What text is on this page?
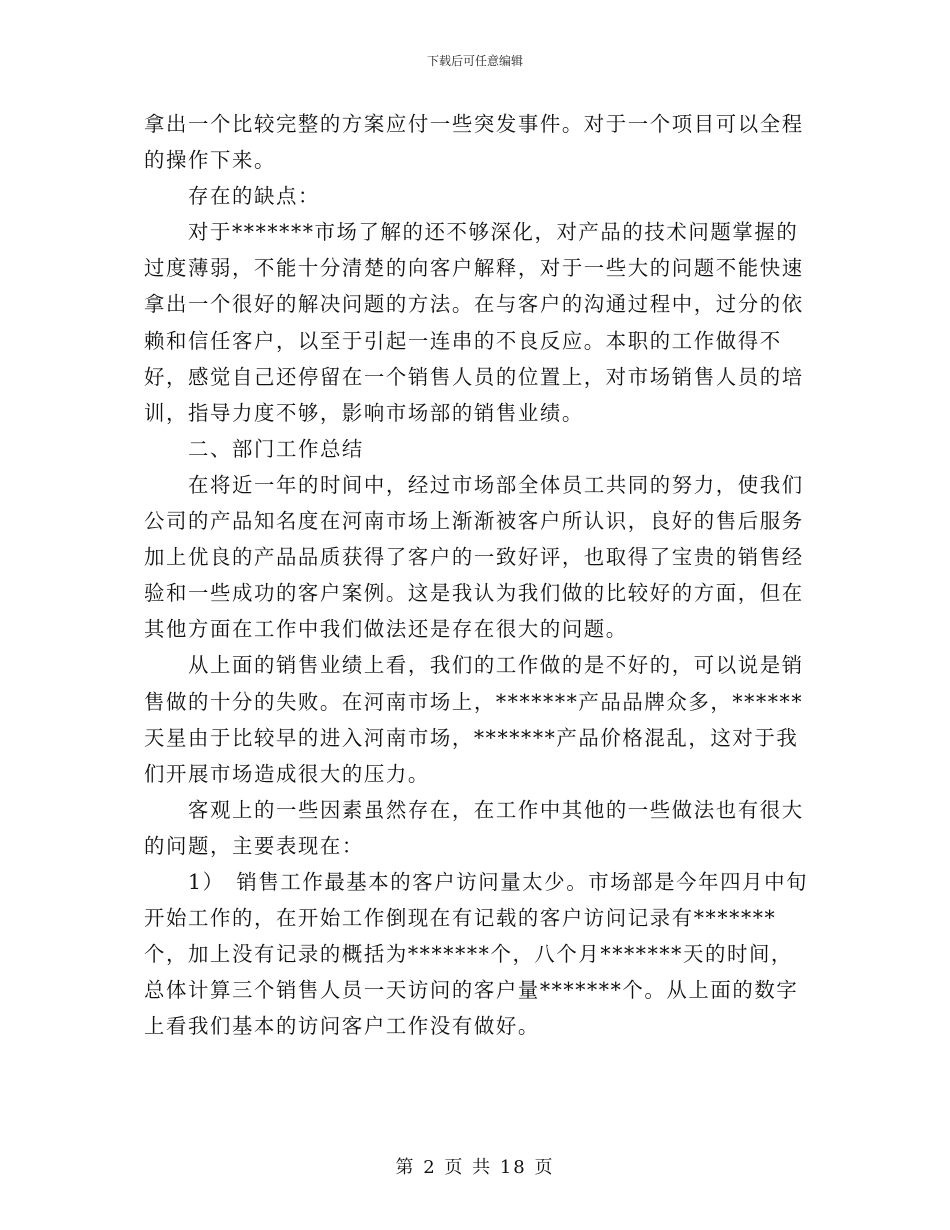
下载后可任意编辑

拿出一个比较完整的方案应付一些突发事件。对于一个项目可以全程的操作下来。

存在的缺点：

对于*******市场了解的还不够深化，对产品的技术问题掌握的过度薄弱，不能十分清楚的向客户解释，对于一些大的问题不能快速拿出一个很好的解决问题的方法。在与客户的沟通过程中，过分的依赖和信任客户，以至于引起一连串的不良反应。本职的工作做得不好，感觉自己还停留在一个销售人员的位置上，对市场销售人员的培训，指导力度不够，影响市场部的销售业绩。

二、部门工作总结

在将近一年的时间中，经过市场部全体员工共同的努力，使我们公司的产品知名度在河南市场上渐渐被客户所认识，良好的售后服务加上优良的产品品质获得了客户的一致好评，也取得了宝贵的销售经验和一些成功的客户案例。这是我认为我们做的比较好的方面，但在其他方面在工作中我们做法还是存在很大的问题。

从上面的销售业绩上看，我们的工作做的是不好的，可以说是销售做的十分的失败。在河南市场上，*******产品品牌众多，******天星由于比较早的进入河南市场，*******产品价格混乱，这对于我们开展市场造成很大的压力。

客观上的一些因素虽然存在，在工作中其他的一些做法也有很大的问题，主要表现在：

1）　销售工作最基本的客户访问量太少。市场部是今年四月中旬开始工作的，在开始工作倒现在有记载的客户访问记录有*******个，加上没有记录的概括为*******个，八个月*******天的时间，总体计算三个销售人员一天访问的客户量*******个。从上面的数字上看我们基本的访问客户工作没有做好。

第 2 页 共 18 页
